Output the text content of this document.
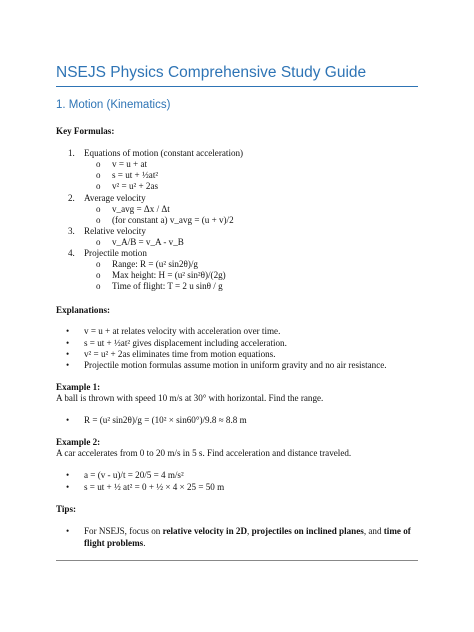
NSEJS Physics Comprehensive Study Guide
1. Motion (Kinematics)
Key Formulas:
1. Equations of motion (constant acceleration)
o v = u + at
o s = ut + ½at²
o v² = u² + 2as
2. Average velocity
o v_avg = Δx / Δt
o (for constant a) v_avg = (u + v)/2
3. Relative velocity
o v_A/B = v_A - v_B
4. Projectile motion
o Range: R = (u² sin2θ)/g
o Max height: H = (u² sin²θ)/(2g)
o Time of flight: T = 2 u sinθ / g
Explanations:
• v = u + at relates velocity with acceleration over time.
• s = ut + ½at² gives displacement including acceleration.
• v² = u² + 2as eliminates time from motion equations.
• Projectile motion formulas assume motion in uniform gravity and no air resistance.
Example 1:
A ball is thrown with speed 10 m/s at 30° with horizontal. Find the range.
• R = (u² sin2θ)/g = (10² × sin60°)/9.8 ≈ 8.8 m
Example 2:
A car accelerates from 0 to 20 m/s in 5 s. Find acceleration and distance traveled.
• a = (v - u)/t = 20/5 = 4 m/s²
• s = ut + ½ at² = 0 + ½ × 4 × 25 = 50 m
Tips:
• For NSEJS, focus on relative velocity in 2D, projectiles on inclined planes, and time of
flight problems.
